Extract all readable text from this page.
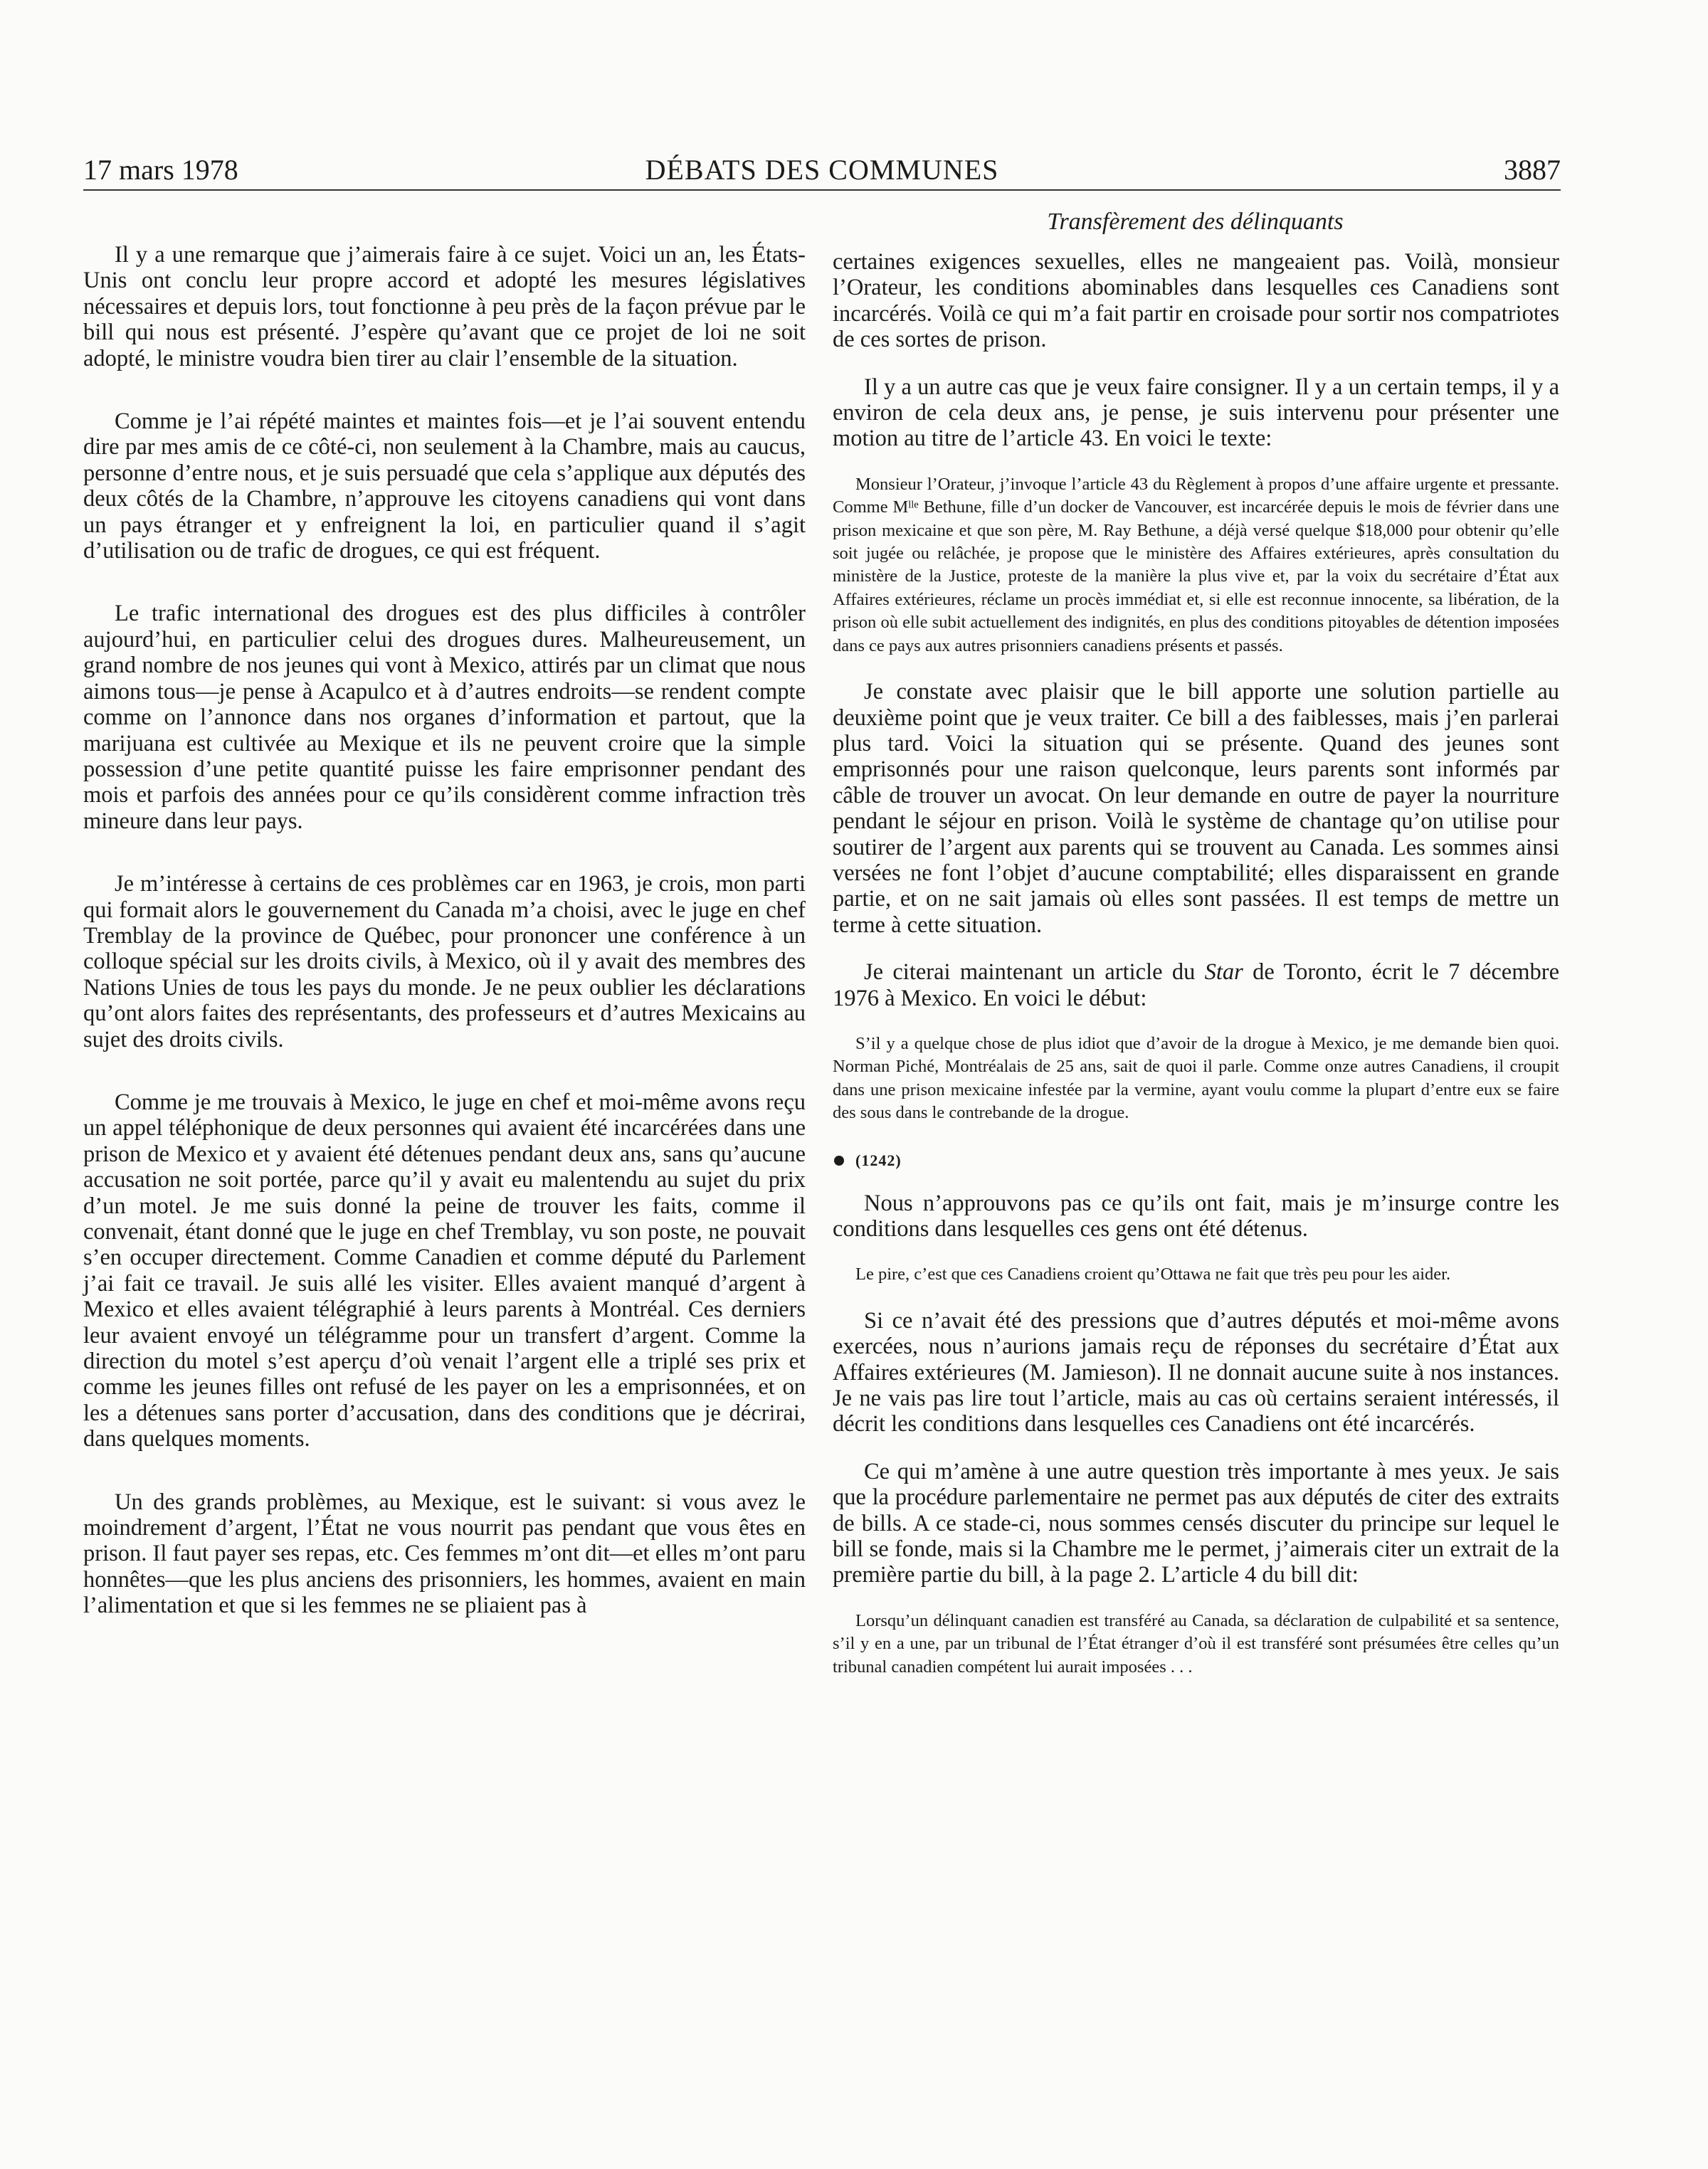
17 mars 1978	DÉBATS DES COMMUNES	3887
Transfèrement des délinquants

Il y a une remarque que j’aimerais faire à ce sujet. Voici un an, les États-Unis ont conclu leur propre accord et adopté les mesures législatives nécessaires et depuis lors, tout fonctionne à peu près de la façon prévue par le bill qui nous est présenté. J’espère qu’avant que ce projet de loi ne soit adopté, le ministre voudra bien tirer au clair l’ensemble de la situation.

Comme je l’ai répété maintes et maintes fois—et je l’ai souvent entendu dire par mes amis de ce côté-ci, non seulement à la Chambre, mais au caucus, personne d’entre nous, et je suis persuadé que cela s’applique aux députés des deux côtés de la Chambre, n’approuve les citoyens canadiens qui vont dans un pays étranger et y enfreignent la loi, en particulier quand il s’agit d’utilisation ou de trafic de drogues, ce qui est fréquent.

Le trafic international des drogues est des plus difficiles à contrôler aujourd’hui, en particulier celui des drogues dures. Malheureusement, un grand nombre de nos jeunes qui vont à Mexico, attirés par un climat que nous aimons tous—je pense à Acapulco et à d’autres endroits—se rendent compte comme on l’annonce dans nos organes d’information et partout, que la marijuana est cultivée au Mexique et ils ne peuvent croire que la simple possession d’une petite quantité puisse les faire emprisonner pendant des mois et parfois des années pour ce qu’ils considèrent comme infraction très mineure dans leur pays.

Je m’intéresse à certains de ces problèmes car en 1963, je crois, mon parti qui formait alors le gouvernement du Canada m’a choisi, avec le juge en chef Tremblay de la province de Québec, pour prononcer une conférence à un colloque spécial sur les droits civils, à Mexico, où il y avait des membres des Nations Unies de tous les pays du monde. Je ne peux oublier les déclarations qu’ont alors faites des représentants, des professeurs et d’autres Mexicains au sujet des droits civils.

Comme je me trouvais à Mexico, le juge en chef et moi-même avons reçu un appel téléphonique de deux personnes qui avaient été incarcérées dans une prison de Mexico et y avaient été détenues pendant deux ans, sans qu’aucune accusation ne soit portée, parce qu’il y avait eu malentendu au sujet du prix d’un motel. Je me suis donné la peine de trouver les faits, comme il convenait, étant donné que le juge en chef Tremblay, vu son poste, ne pouvait s’en occuper directement. Comme Canadien et comme député du Parlement j’ai fait ce travail. Je suis allé les visiter. Elles avaient manqué d’argent à Mexico et elles avaient télégraphié à leurs parents à Montréal. Ces derniers leur avaient envoyé un télégramme pour un transfert d’argent. Comme la direction du motel s’est aperçu d’où venait l’argent elle a triplé ses prix et comme les jeunes filles ont refusé de les payer on les a emprisonnées, et on les a détenues sans porter d’accusation, dans des conditions que je décrirai, dans quelques moments.

Un des grands problèmes, au Mexique, est le suivant: si vous avez le moindrement d’argent, l’État ne vous nourrit pas pendant que vous êtes en prison. Il faut payer ses repas, etc. Ces femmes m’ont dit—et elles m’ont paru honnêtes—que les plus anciens des prisonniers, les hommes, avaient en main l’alimentation et que si les femmes ne se pliaient pas à

certaines exigences sexuelles, elles ne mangeaient pas. Voilà, monsieur l’Orateur, les conditions abominables dans lesquelles ces Canadiens sont incarcérés. Voilà ce qui m’a fait partir en croisade pour sortir nos compatriotes de ces sortes de prison.

Il y a un autre cas que je veux faire consigner. Il y a un certain temps, il y a environ de cela deux ans, je pense, je suis intervenu pour présenter une motion au titre de l’article 43. En voici le texte:

Monsieur l’Orateur, j’invoque l’article 43 du Règlement à propos d’une affaire urgente et pressante. Comme Mˡˡᵉ Bethune, fille d’un docker de Vancouver, est incarcérée depuis le mois de février dans une prison mexicaine et que son père, M. Ray Bethune, a déjà versé quelque $18,000 pour obtenir qu’elle soit jugée ou relâchée, je propose que le ministère des Affaires extérieures, après consultation du ministère de la Justice, proteste de la manière la plus vive et, par la voix du secrétaire d’État aux Affaires extérieures, réclame un procès immédiat et, si elle est reconnue innocente, sa libération, de la prison où elle subit actuellement des indignités, en plus des conditions pitoyables de détention imposées dans ce pays aux autres prisonniers canadiens présents et passés.

Je constate avec plaisir que le bill apporte une solution partielle au deuxième point que je veux traiter. Ce bill a des faiblesses, mais j’en parlerai plus tard. Voici la situation qui se présente. Quand des jeunes sont emprisonnés pour une raison quelconque, leurs parents sont informés par câble de trouver un avocat. On leur demande en outre de payer la nourriture pendant le séjour en prison. Voilà le système de chantage qu’on utilise pour soutirer de l’argent aux parents qui se trouvent au Canada. Les sommes ainsi versées ne font l’objet d’aucune comptabilité; elles disparaissent en grande partie, et on ne sait jamais où elles sont passées. Il est temps de mettre un terme à cette situation.

Je citerai maintenant un article du Star de Toronto, écrit le 7 décembre 1976 à Mexico. En voici le début:

S’il y a quelque chose de plus idiot que d’avoir de la drogue à Mexico, je me demande bien quoi. Norman Piché, Montréalais de 25 ans, sait de quoi il parle. Comme onze autres Canadiens, il croupit dans une prison mexicaine infestée par la vermine, ayant voulu comme la plupart d’entre eux se faire des sous dans le contrebande de la drogue.

(1242)

Nous n’approuvons pas ce qu’ils ont fait, mais je m’insurge contre les conditions dans lesquelles ces gens ont été détenus.

Le pire, c’est que ces Canadiens croient qu’Ottawa ne fait que très peu pour les aider.

Si ce n’avait été des pressions que d’autres députés et moi-même avons exercées, nous n’aurions jamais reçu de réponses du secrétaire d’État aux Affaires extérieures (M. Jamieson). Il ne donnait aucune suite à nos instances. Je ne vais pas lire tout l’article, mais au cas où certains seraient intéressés, il décrit les conditions dans lesquelles ces Canadiens ont été incarcérés.

Ce qui m’amène à une autre question très importante à mes yeux. Je sais que la procédure parlementaire ne permet pas aux députés de citer des extraits de bills. A ce stade-ci, nous sommes censés discuter du principe sur lequel le bill se fonde, mais si la Chambre me le permet, j’aimerais citer un extrait de la première partie du bill, à la page 2. L’article 4 du bill dit:

Lorsqu’un délinquant canadien est transféré au Canada, sa déclaration de culpabilité et sa sentence, s’il y en a une, par un tribunal de l’État étranger d’où il est transféré sont présumées être celles qu’un tribunal canadien compétent lui aurait imposées . . .
